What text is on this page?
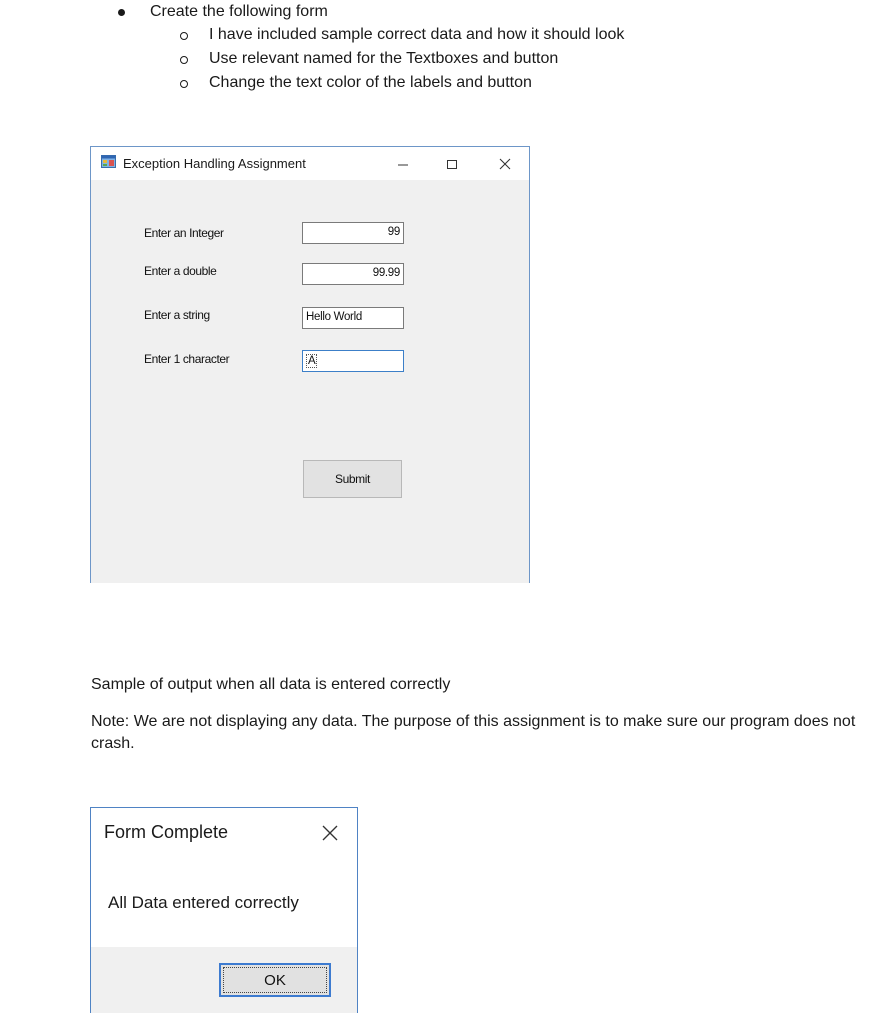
Create the following form
I have included sample correct data and how it should look
Use relevant named for the Textboxes and button
Change the text color of the labels and button
Exception Handling Assignment
Enter an Integer	99
Enter a double	99.99
Enter a string	Hello World
Enter 1 character	A
Submit
Sample of output when all data is entered correctly
Note: We are not displaying any data. The purpose of this assignment is to make sure our program does not crash.
Form Complete
All Data entered correctly
OK
